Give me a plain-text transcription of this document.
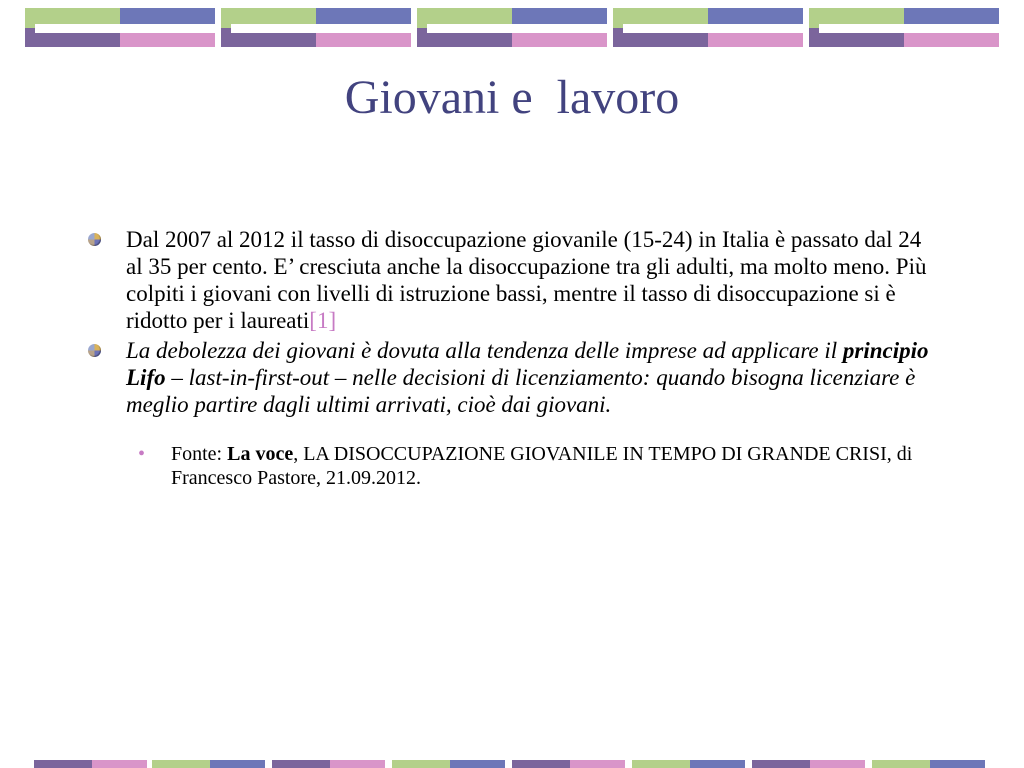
Giovani e  lavoro

Dal 2007 al 2012 il tasso di disoccupazione giovanile (15-24) in Italia è passato dal 24 al 35 per cento. E’ cresciuta anche la disoccupazione tra gli adulti, ma molto meno. Più colpiti i giovani con livelli di istruzione bassi, mentre il tasso di disoccupazione si è ridotto per i laureati[1]

La debolezza dei giovani è dovuta alla tendenza delle imprese ad applicare il principio Lifo – last-in-first-out – nelle decisioni di licenziamento: quando bisogna licenziare è meglio partire dagli ultimi arrivati, cioè dai giovani.

• Fonte: La voce, LA DISOCCUPAZIONE GIOVANILE IN TEMPO DI GRANDE CRISI, di Francesco Pastore, 21.09.2012.
